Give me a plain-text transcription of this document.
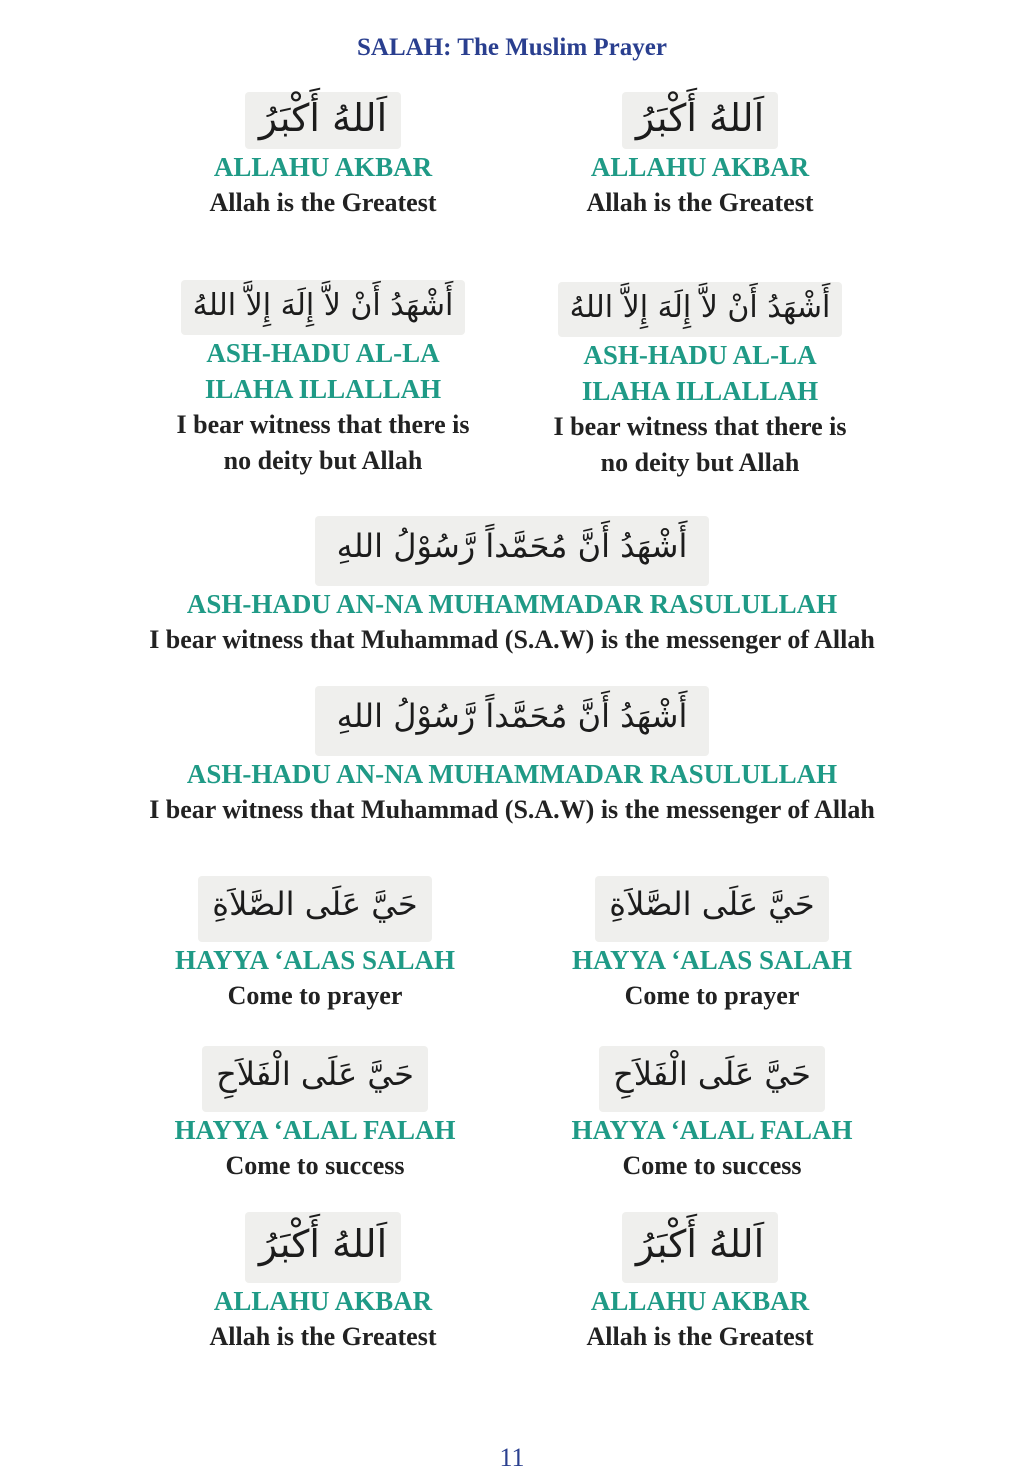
SALAH: The Muslim Prayer
اَللهُ أَكْبَرُ
ALLAHU AKBAR
Allah is the Greatest
اَللهُ أَكْبَرُ
ALLAHU AKBAR
Allah is the Greatest
أَشْهَدُ أَنْ لاَّ إِلَهَ إِلاَّ اللهُ
ASH-HADU AL-LA
ILAHA ILLALLAH
I bear witness that there is
no deity but Allah
أَشْهَدُ أَنْ لاَّ إِلَهَ إِلاَّ اللهُ
ASH-HADU AL-LA
ILAHA ILLALLAH
I bear witness that there is
no deity but Allah
أَشْهَدُ أَنَّ مُحَمَّداً رَّسُوْلُ اللهِ
ASH-HADU AN-NA MUHAMMADAR RASULULLAH
I bear witness that Muhammad (S.A.W) is the messenger of Allah
أَشْهَدُ أَنَّ مُحَمَّداً رَّسُوْلُ اللهِ
ASH-HADU AN-NA MUHAMMADAR RASULULLAH
I bear witness that Muhammad (S.A.W) is the messenger of Allah
حَيَّ عَلَى الصَّلاَةِ
HAYYA ‘ALAS SALAH
Come to prayer
حَيَّ عَلَى الصَّلاَةِ
HAYYA ‘ALAS SALAH
Come to prayer
حَيَّ عَلَى الْفَلاَحِ
HAYYA ‘ALAL FALAH
Come to success
حَيَّ عَلَى الْفَلاَحِ
HAYYA ‘ALAL FALAH
Come to success
اَللهُ أَكْبَرُ
ALLAHU AKBAR
Allah is the Greatest
اَللهُ أَكْبَرُ
ALLAHU AKBAR
Allah is the Greatest
11
